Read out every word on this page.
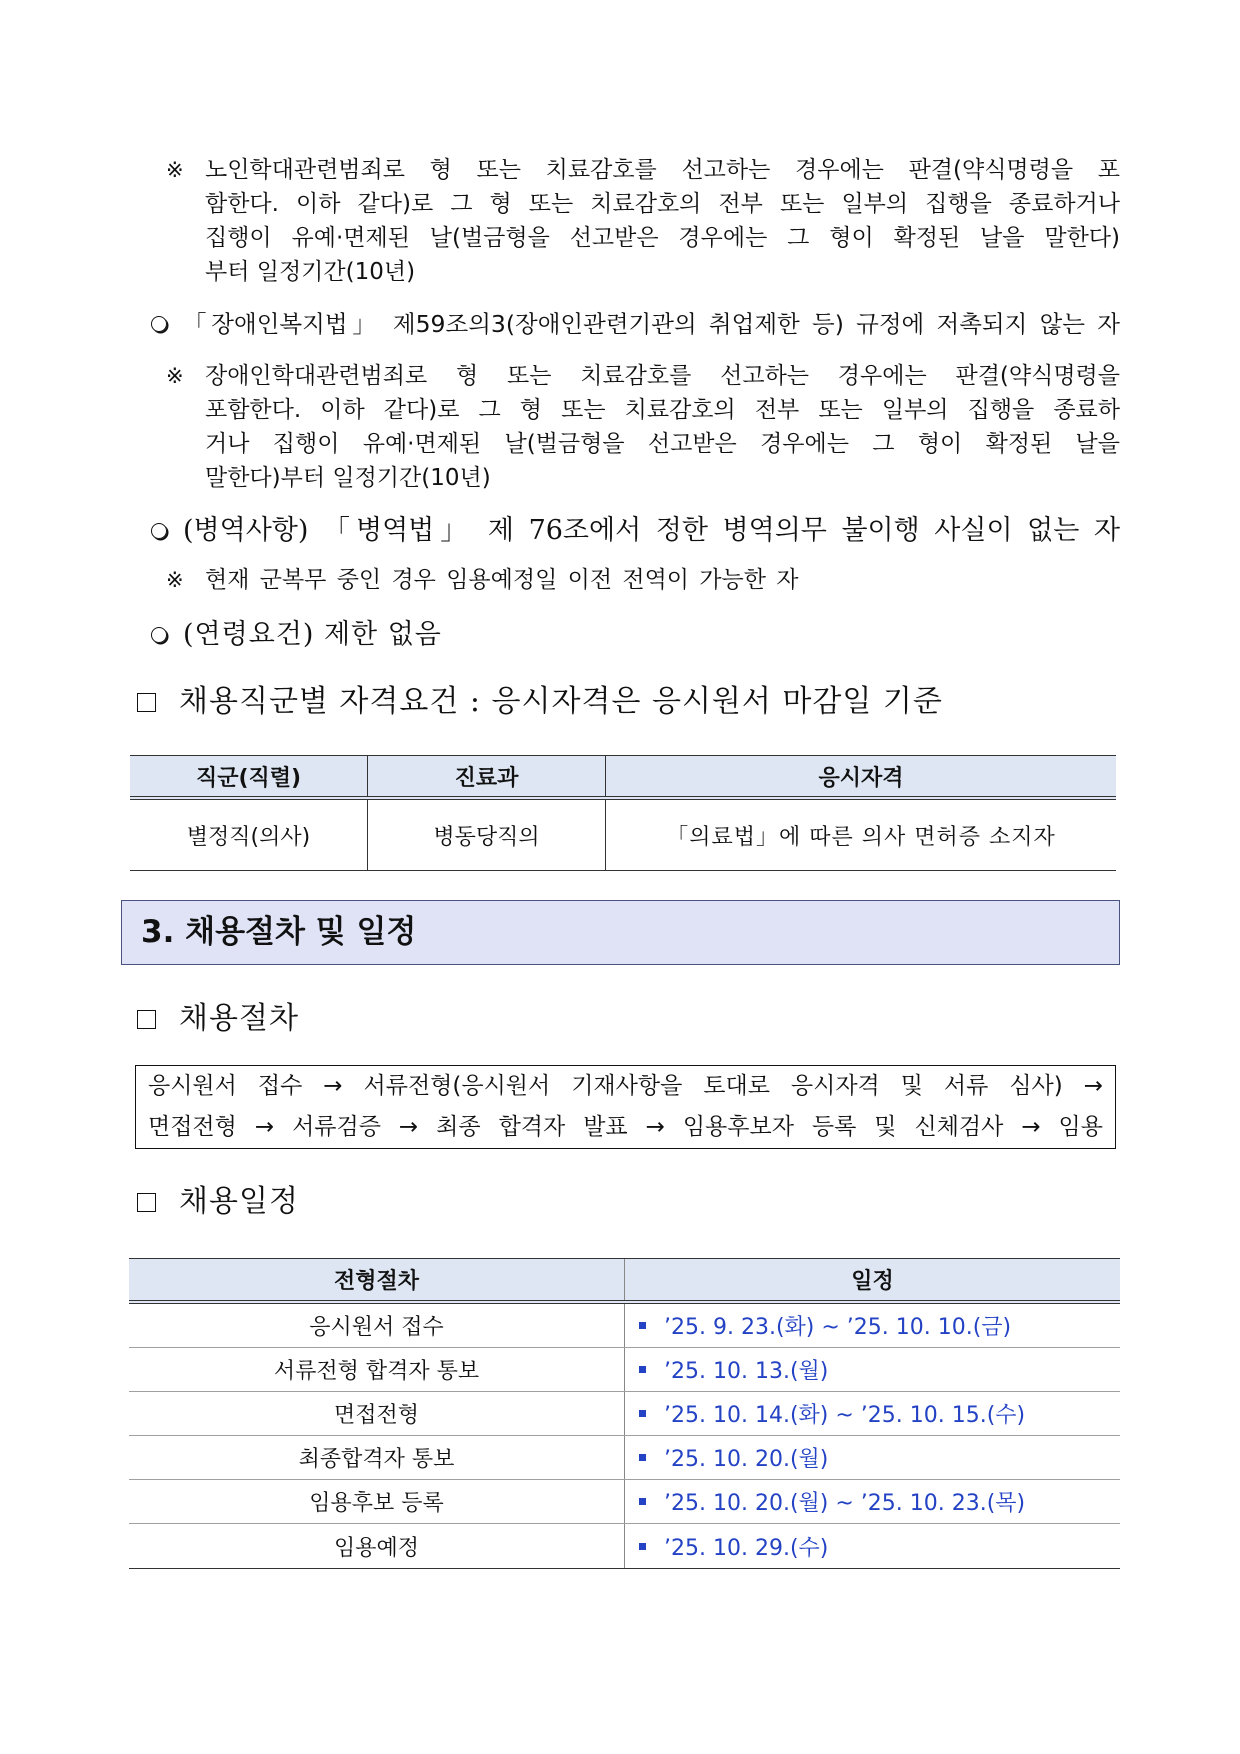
※ 노인학대관련범죄로 형 또는 치료감호를 선고하는 경우에는 판결(약식명령을 포
함한다. 이하 같다)로 그 형 또는 치료감호의 전부 또는 일부의 집행을 종료하거나
집행이 유예·면제된 날(벌금형을 선고받은 경우에는 그 형이 확정된 날을 말한다)
부터 일정기간(10년)
「장애인복지법」 제59조의3(장애인관련기관의 취업제한 등) 규정에 저촉되지 않는 자
※ 장애인학대관련범죄로 형 또는 치료감호를 선고하는 경우에는 판결(약식명령을
포함한다. 이하 같다)로 그 형 또는 치료감호의 전부 또는 일부의 집행을 종료하
거나 집행이 유예·면제된 날(벌금형을 선고받은 경우에는 그 형이 확정된 날을
말한다)부터 일정기간(10년)
(병역사항) 「병역법」 제 76조에서 정한 병역의무 불이행 사실이 없는 자
※ 현재 군복무 중인 경우 임용예정일 이전 전역이 가능한 자
(연령요건) 제한 없음
채용직군별 자격요건 : 응시자격은 응시원서 마감일 기준
직군(직렬)	진료과	응시자격
별정직(의사)	병동당직의	「의료법」에 따른 의사 면허증 소지자
3. 채용절차 및 일정
채용절차
응시원서 접수 → 서류전형(응시원서 기재사항을 토대로 응시자격 및 서류 심사) →
면접전형 → 서류검증 → 최종 합격자 발표 → 임용후보자 등록 및 신체검사 → 임용
채용일정
전형절차	일정
응시원서 접수	’25. 9. 23.(화) ~ ’25. 10. 10.(금)
서류전형 합격자 통보	’25. 10. 13.(월)
면접전형	’25. 10. 14.(화) ~ ’25. 10. 15.(수)
최종합격자 통보	’25. 10. 20.(월)
임용후보 등록	’25. 10. 20.(월) ~ ’25. 10. 23.(목)
임용예정	’25. 10. 29.(수)
